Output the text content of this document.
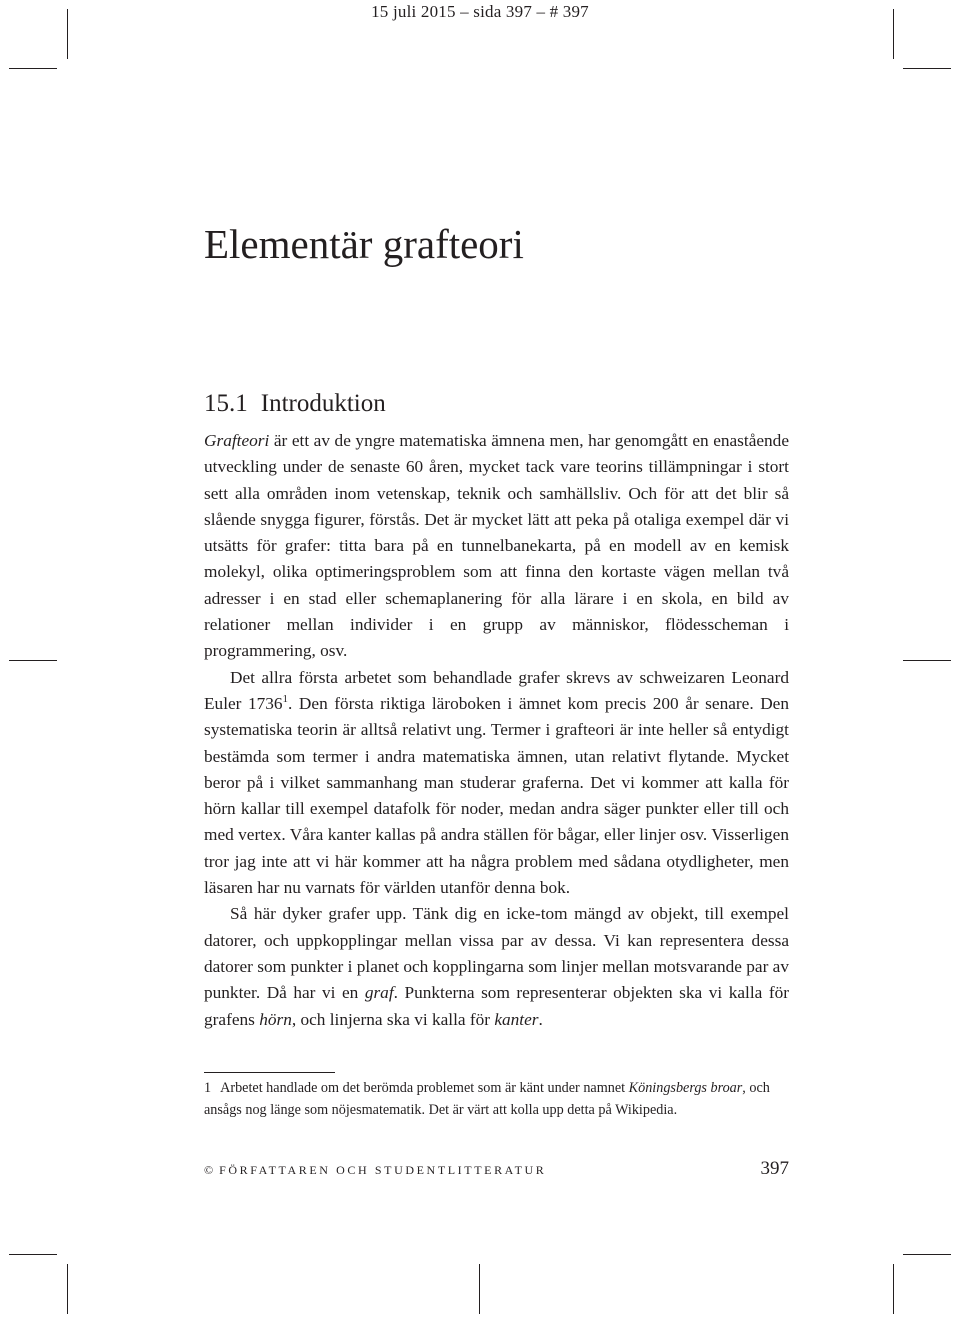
15 juli 2015 – sida 397 – # 397
Elementär grafteori
15.1 Introduktion

Grafteori är ett av de yngre matematiska ämnena men, har genomgått en enastående utveckling under de senaste 60 åren, mycket tack vare teorins tillämpningar i stort sett alla områden inom vetenskap, teknik och samhällsliv. Och för att det blir så slående snygga figurer, förstås. Det är mycket lätt att peka på otaliga exempel där vi utsätts för grafer: titta bara på en tunnelbanekarta, på en modell av en kemisk molekyl, olika optimeringsproblem som att finna den kortaste vägen mellan två adresser i en stad eller schemaplanering för alla lärare i en skola, en bild av relationer mellan individer i en grupp av människor, flödesscheman i programmering, osv.

Det allra första arbetet som behandlade grafer skrevs av schweizaren Leonard Euler 1736$^1$. Den första riktiga läroboken i ämnet kom precis 200 år senare. Den systematiska teorin är alltså relativt ung. Termer i grafteori är inte heller så entydigt bestämda som termer i andra matematiska ämnen, utan relativt flytande. Mycket beror på i vilket sammanhang man studerar graferna. Det vi kommer att kalla för hörn kallar till exempel datafolk för noder, medan andra säger punkter eller till och med vertex. Våra kanter kallas på andra ställen för bågar, eller linjer osv. Visserligen tror jag inte att vi här kommer att ha några problem med sådana otydligheter, men läsaren har nu varnats för världen utanför denna bok.

Så här dyker grafer upp. Tänk dig en icke-tom mängd av objekt, till exempel datorer, och uppkopplingar mellan vissa par av dessa. Vi kan representera dessa datorer som punkter i planet och kopplingarna som linjer mellan motsvarande par av punkter. Då har vi en graf. Punkterna som representerar objekten ska vi kalla för grafens hörn, och linjerna ska vi kalla för kanter.

1 Arbetet handlade om det berömda problemet som är känt under namnet Köningsbergs broar, och ansågs nog länge som nöjesmatematik. Det är värt att kolla upp detta på Wikipedia.

© FÖRFATTAREN OCH STUDENTLITTERATUR	397
